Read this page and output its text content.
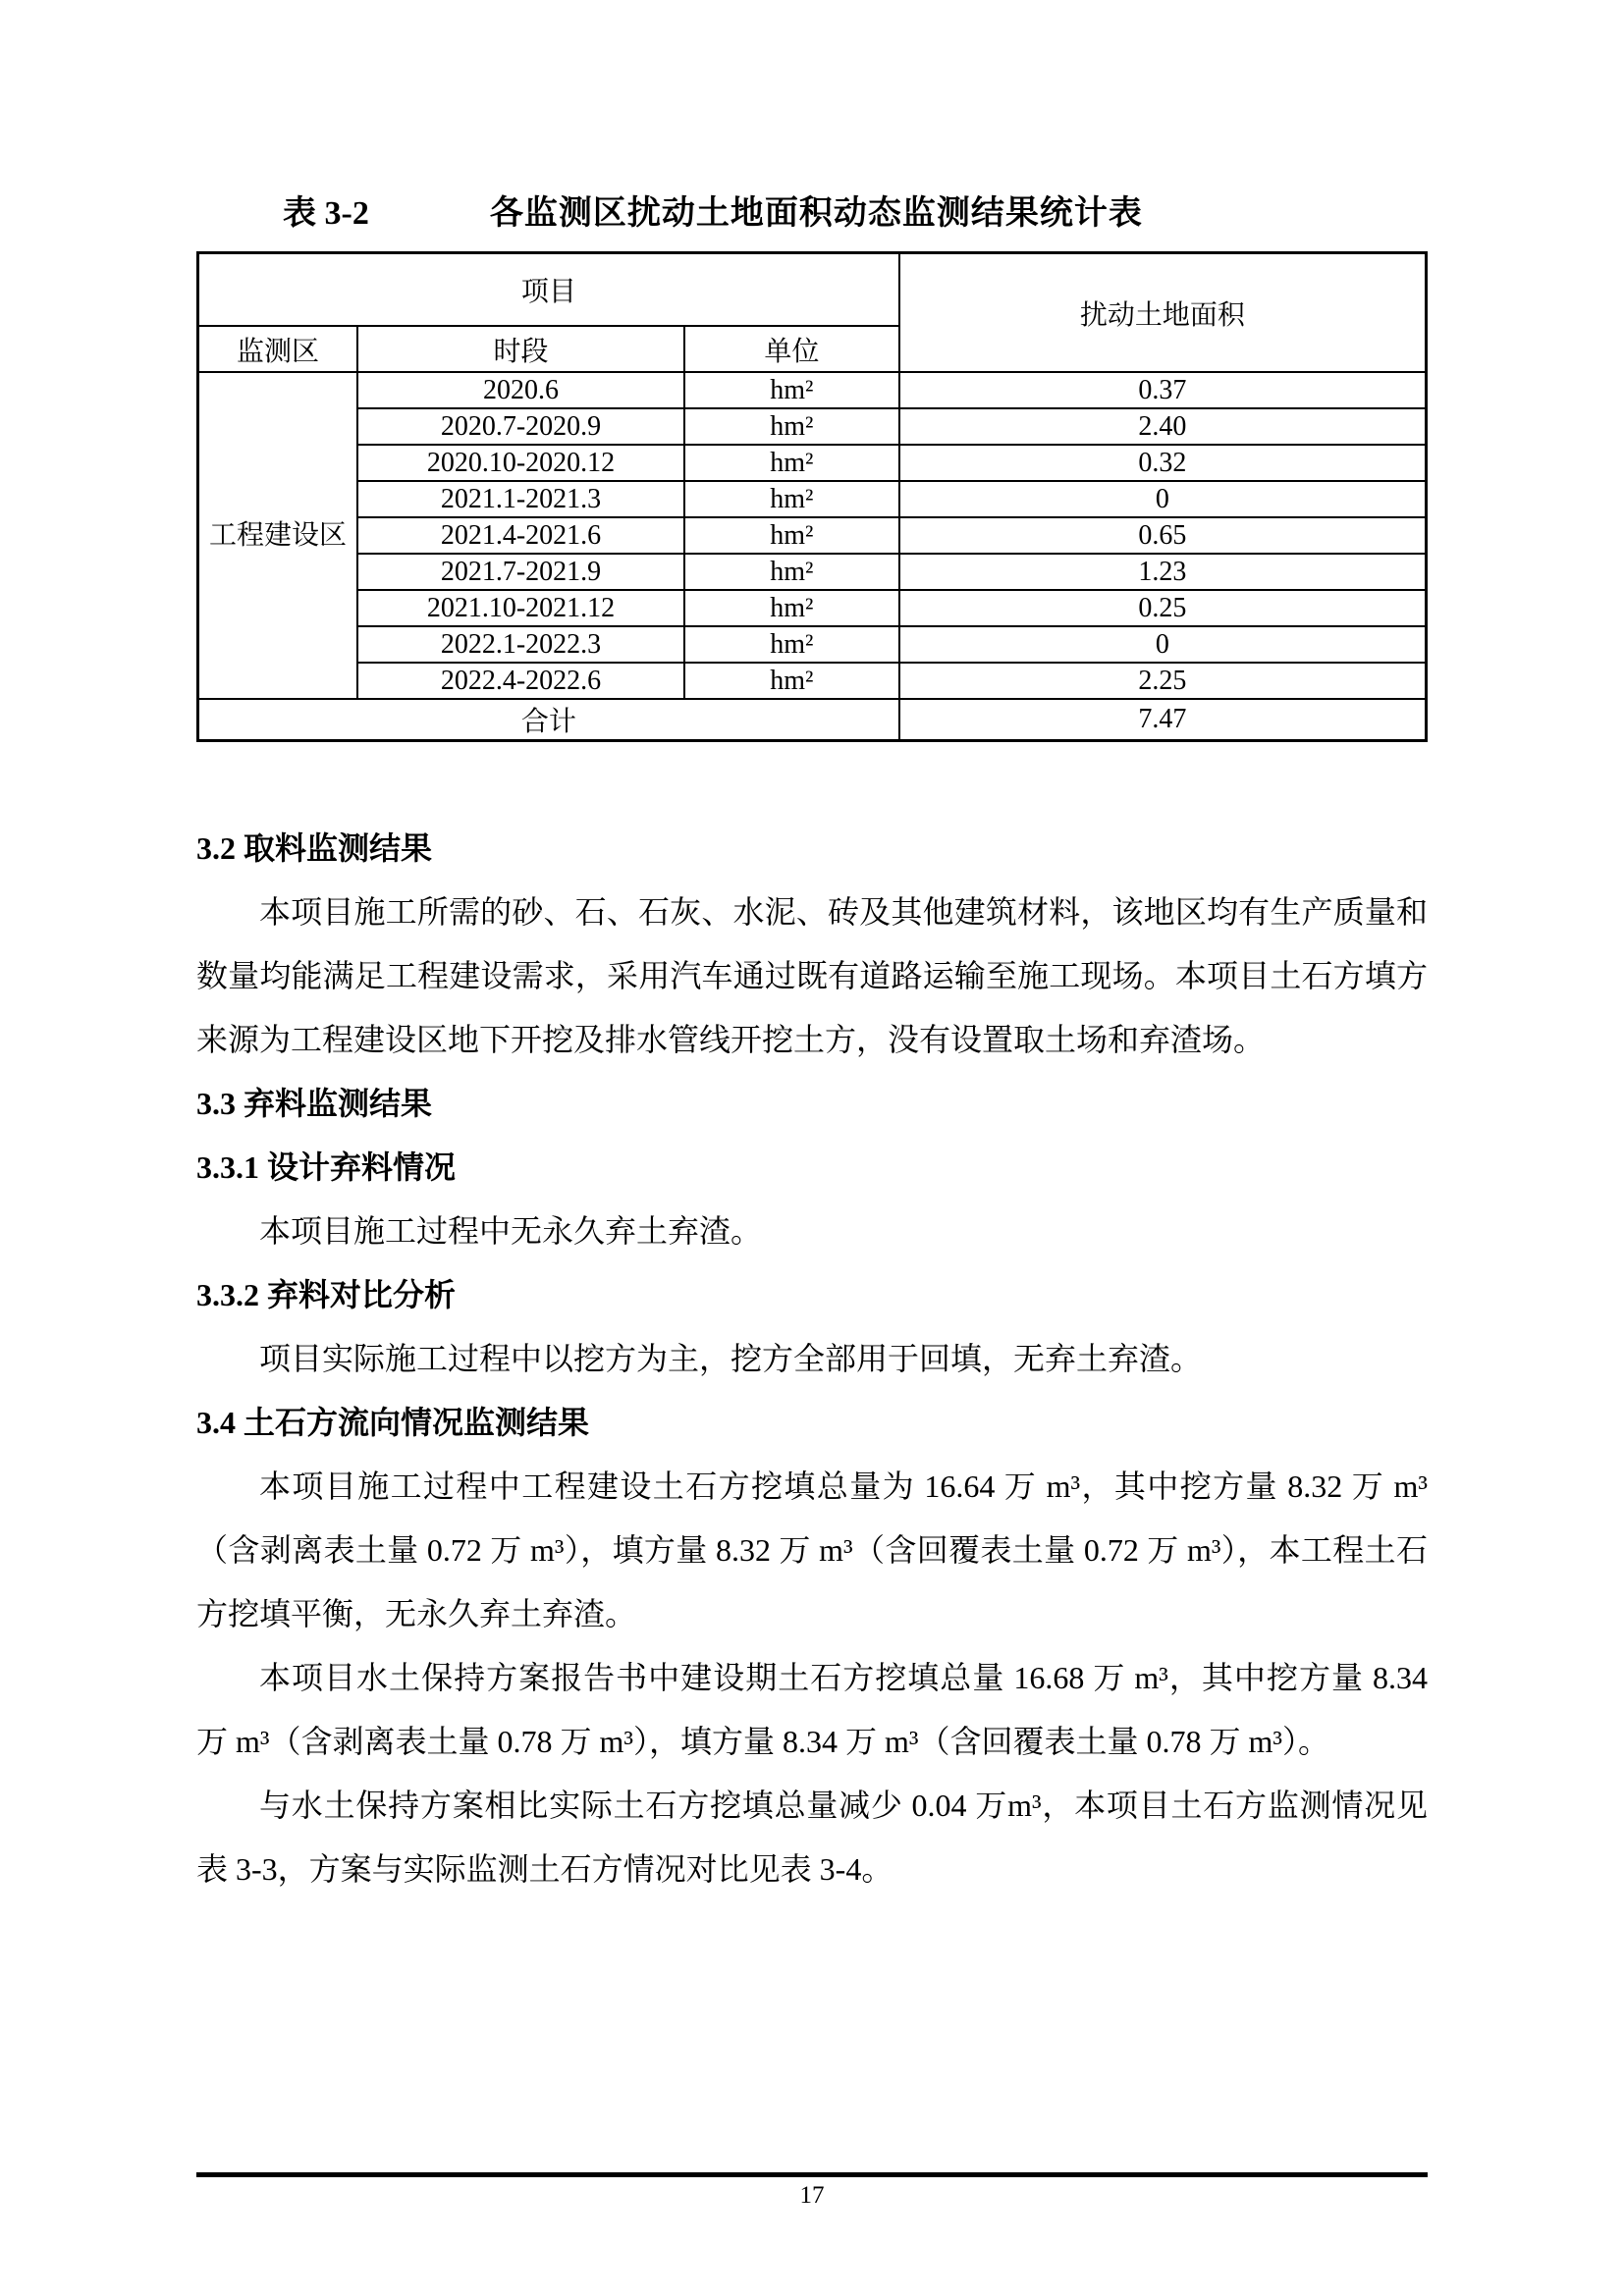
表 3-2	各监测区扰动土地面积动态监测结果统计表
项目			扰动土地面积
监测区	时段	单位	
工程建设区	2020.6	hm²	0.37
	2020.7-2020.9	hm²	2.40
	2020.10-2020.12	hm²	0.32
	2021.1-2021.3	hm²	0
	2021.4-2021.6	hm²	0.65
	2021.7-2021.9	hm²	1.23
	2021.10-2021.12	hm²	0.25
	2022.1-2022.3	hm²	0
	2022.4-2022.6	hm²	2.25
合计			7.47
3.2 取料监测结果

本项目施工所需的砂、石、石灰、水泥、砖及其他建筑材料，该地区均有生产质量和数量均能满足工程建设需求，采用汽车通过既有道路运输至施工现场。本项目土石方填方来源为工程建设区地下开挖及排水管线开挖土方，没有设置取土场和弃渣场。

3.3 弃料监测结果
3.3.1 设计弃料情况

本项目施工过程中无永久弃土弃渣。

3.3.2 弃料对比分析

项目实际施工过程中以挖方为主，挖方全部用于回填，无弃土弃渣。

3.4 土石方流向情况监测结果

本项目施工过程中工程建设土石方挖填总量为 16.64 万 m³，其中挖方量 8.32 万 m³（含剥离表土量 0.72 万 m³），填方量 8.32 万 m³（含回覆表土量 0.72 万 m³），本工程土石方挖填平衡，无永久弃土弃渣。

本项目水土保持方案报告书中建设期土石方挖填总量 16.68 万 m³，其中挖方量 8.34 万 m³（含剥离表土量 0.78 万 m³），填方量 8.34 万 m³（含回覆表土量 0.78 万 m³）。

与水土保持方案相比实际土石方挖填总量减少 0.04 万m³，本项目土石方监测情况见表 3-3，方案与实际监测土石方情况对比见表 3-4。

17
